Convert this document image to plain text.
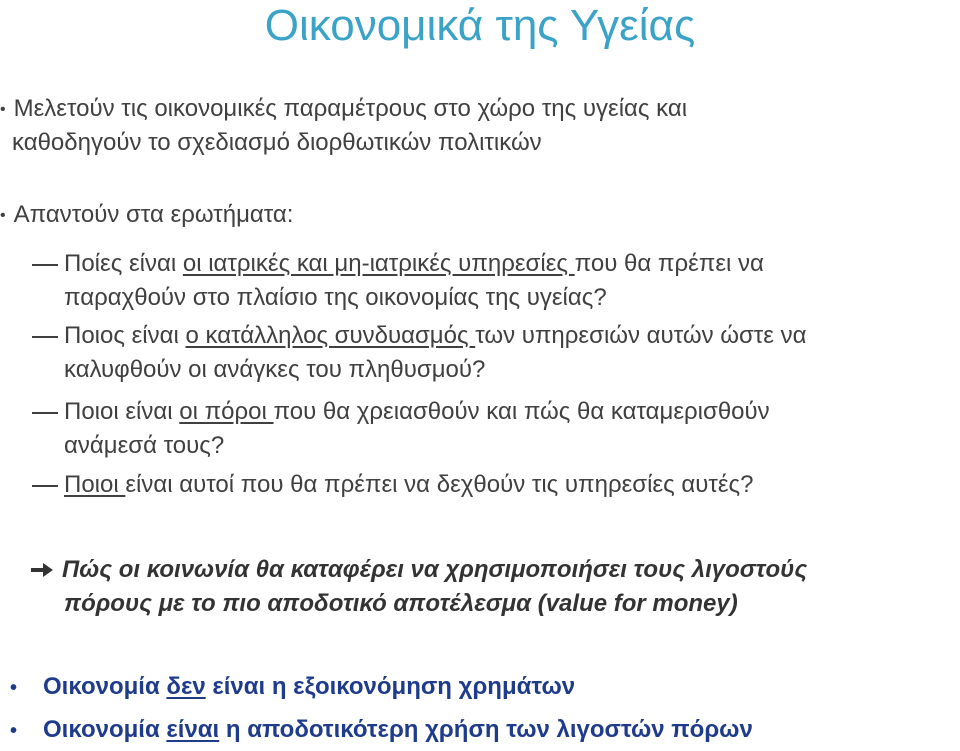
Οικονομικά της Υγείας
• Μελετούν τις οικονομικές παραμέτρους στο χώρο της υγείας και
καθοδηγούν το σχεδιασμό διορθωτικών πολιτικών
• Απαντούν στα ερωτήματα:
Ποίες είναι οι ιατρικές και μη-ιατρικές υπηρεσίες που θα πρέπει να
παραχθούν στο πλαίσιο της οικονομίας της υγείας?
Ποιος είναι ο κατάλληλος συνδυασμός των υπηρεσιών αυτών ώστε να
καλυφθούν οι ανάγκες του πληθυσμού?
Ποιοι είναι οι πόροι που θα χρειασθούν και πώς θα καταμερισθούν
ανάμεσά τους?
Ποιοι είναι αυτοί που θα πρέπει να δεχθούν τις υπηρεσίες αυτές?
Πώς οι κοινωνία θα καταφέρει να χρησιμοποιήσει τους λιγοστούς
πόρους με το πιο αποδοτικό αποτέλεσμα (value for money)
• Οικονομία δεν είναι η εξοικονόμηση χρημάτων
• Οικονομία είναι η αποδοτικότερη χρήση των λιγοστών πόρων
